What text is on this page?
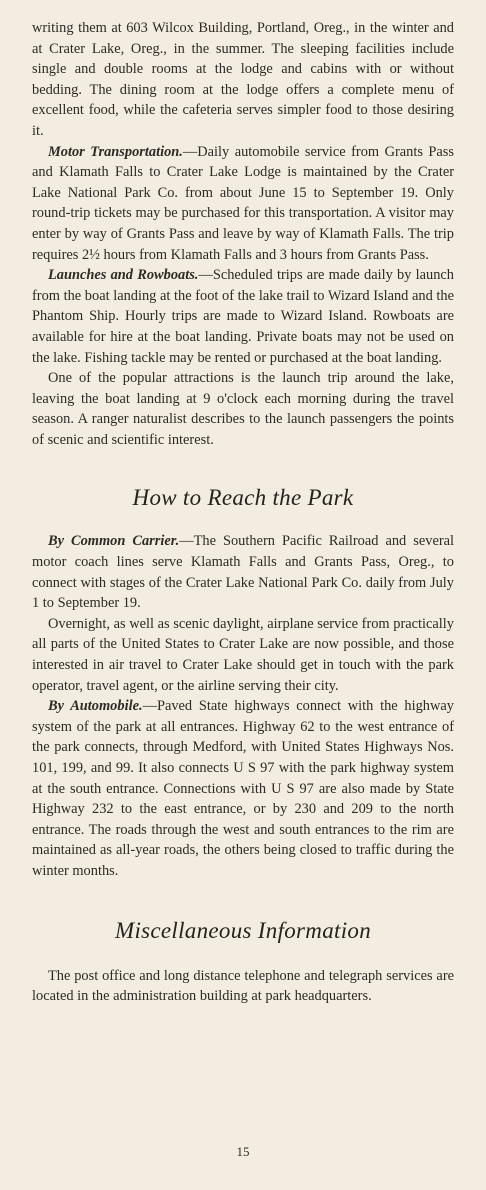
writing them at 603 Wilcox Building, Portland, Oreg., in the winter and at Crater Lake, Oreg., in the summer. The sleeping facilities include single and double rooms at the lodge and cabins with or without bedding. The dining room at the lodge offers a complete menu of excellent food, while the cafeteria serves simpler food to those desiring it.

Motor Transportation.—Daily automobile service from Grants Pass and Klamath Falls to Crater Lake Lodge is maintained by the Crater Lake National Park Co. from about June 15 to September 19. Only round-trip tickets may be purchased for this transportation. A visitor may enter by way of Grants Pass and leave by way of Klamath Falls. The trip requires 2½ hours from Klamath Falls and 3 hours from Grants Pass.

Launches and Rowboats.—Scheduled trips are made daily by launch from the boat landing at the foot of the lake trail to Wizard Island and the Phantom Ship. Hourly trips are made to Wizard Island. Rowboats are available for hire at the boat landing. Private boats may not be used on the lake. Fishing tackle may be rented or purchased at the boat landing.

One of the popular attractions is the launch trip around the lake, leaving the boat landing at 9 o'clock each morning during the travel season. A ranger naturalist describes to the launch passengers the points of scenic and scientific interest.

How to Reach the Park

By Common Carrier.—The Southern Pacific Railroad and several motor coach lines serve Klamath Falls and Grants Pass, Oreg., to connect with stages of the Crater Lake National Park Co. daily from July 1 to September 19.

Overnight, as well as scenic daylight, airplane service from practically all parts of the United States to Crater Lake are now possible, and those interested in air travel to Crater Lake should get in touch with the park operator, travel agent, or the airline serving their city.

By Automobile.—Paved State highways connect with the highway system of the park at all entrances. Highway 62 to the west entrance of the park connects, through Medford, with United States Highways Nos. 101, 199, and 99. It also connects U S 97 with the park highway system at the south entrance. Connections with U S 97 are also made by State Highway 232 to the east entrance, or by 230 and 209 to the north entrance. The roads through the west and south entrances to the rim are maintained as all-year roads, the others being closed to traffic during the winter months.

Miscellaneous Information

The post office and long distance telephone and telegraph services are located in the administration building at park headquarters.

15
